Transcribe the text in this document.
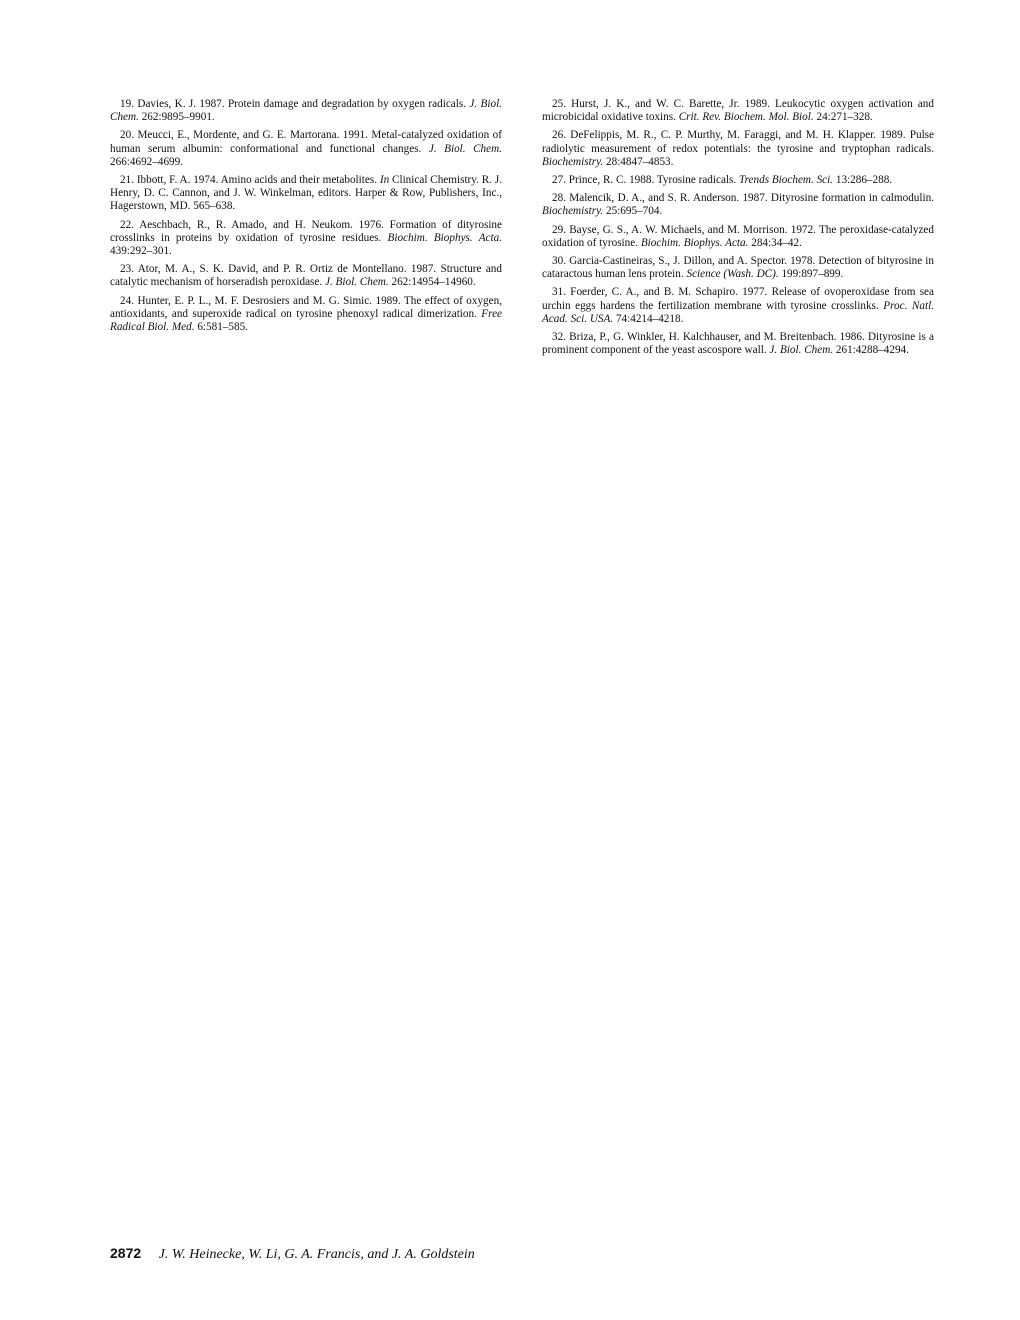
19. Davies, K. J. 1987. Protein damage and degradation by oxygen radicals. J. Biol. Chem. 262:9895–9901.

20. Meucci, E., Mordente, and G. E. Martorana. 1991. Metal-catalyzed oxidation of human serum albumin: conformational and functional changes. J. Biol. Chem. 266:4692–4699.

21. Ibbott, F. A. 1974. Amino acids and their metabolites. In Clinical Chemistry. R. J. Henry, D. C. Cannon, and J. W. Winkelman, editors. Harper & Row, Publishers, Inc., Hagerstown, MD. 565–638.

22. Aeschbach, R., R. Amado, and H. Neukom. 1976. Formation of dityrosine crosslinks in proteins by oxidation of tyrosine residues. Biochim. Biophys. Acta. 439:292–301.

23. Ator, M. A., S. K. David, and P. R. Ortiz de Montellano. 1987. Structure and catalytic mechanism of horseradish peroxidase. J. Biol. Chem. 262:14954–14960.

24. Hunter, E. P. L., M. F. Desrosiers and M. G. Simic. 1989. The effect of oxygen, antioxidants, and superoxide radical on tyrosine phenoxyl radical dimerization. Free Radical Biol. Med. 6:581–585.

25. Hurst, J. K., and W. C. Barette, Jr. 1989. Leukocytic oxygen activation and microbicidal oxidative toxins. Crit. Rev. Biochem. Mol. Biol. 24:271–328.

26. DeFelippis, M. R., C. P. Murthy, M. Faraggi, and M. H. Klapper. 1989. Pulse radiolytic measurement of redox potentials: the tyrosine and tryptophan radicals. Biochemistry. 28:4847–4853.

27. Prince, R. C. 1988. Tyrosine radicals. Trends Biochem. Sci. 13:286–288.

28. Malencik, D. A., and S. R. Anderson. 1987. Dityrosine formation in calmodulin. Biochemistry. 25:695–704.

29. Bayse, G. S., A. W. Michaels, and M. Morrison. 1972. The peroxidase-catalyzed oxidation of tyrosine. Biochim. Biophys. Acta. 284:34–42.

30. Garcia-Castineiras, S., J. Dillon, and A. Spector. 1978. Detection of bityrosine in cataractous human lens protein. Science (Wash. DC). 199:897–899.

31. Foerder, C. A., and B. M. Schapiro. 1977. Release of ovoperoxidase from sea urchin eggs hardens the fertilization membrane with tyrosine crosslinks. Proc. Natl. Acad. Sci. USA. 74:4214–4218.

32. Briza, P., G. Winkler, H. Kalchhauser, and M. Breitenbach. 1986. Dityrosine is a prominent component of the yeast ascospore wall. J. Biol. Chem. 261:4288–4294.

2872 J. W. Heinecke, W. Li, G. A. Francis, and J. A. Goldstein
